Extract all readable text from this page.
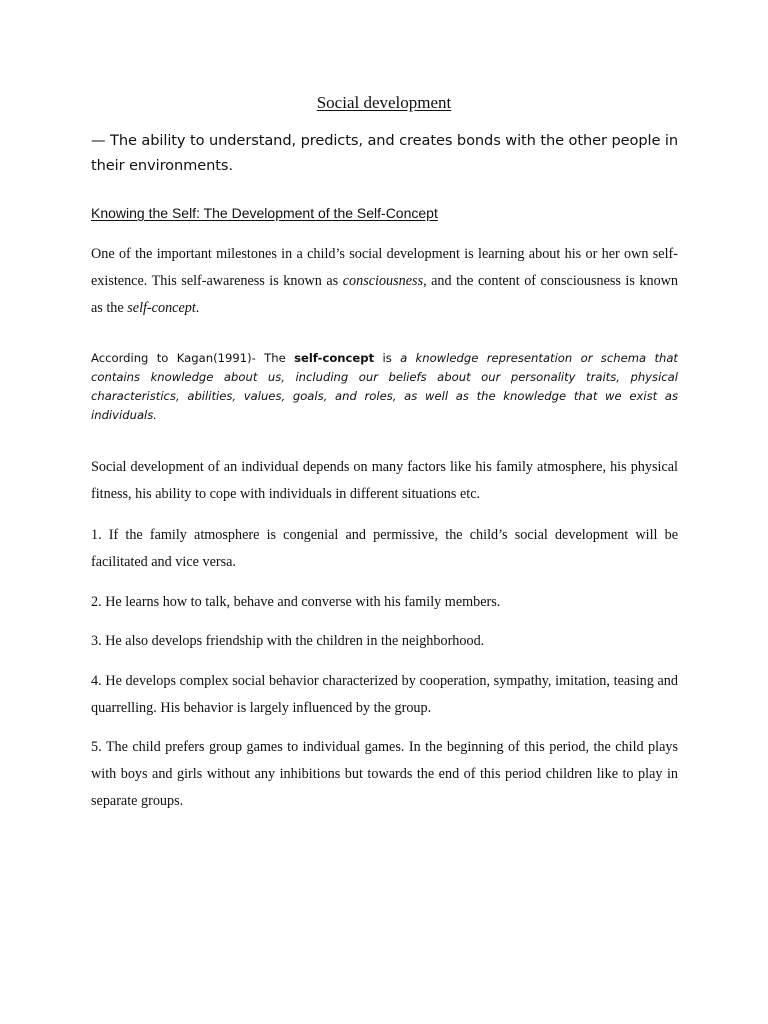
Social development
— The ability to understand, predicts, and creates bonds with the other people in their environments.
Knowing the Self: The Development of the Self-Concept
One of the important milestones in a child’s social development is learning about his or her own self-existence. This self-awareness is known as consciousness, and the content of consciousness is known as the self-concept.
According to Kagan(1991)- The self-concept is a knowledge representation or schema that contains knowledge about us, including our beliefs about our personality traits, physical characteristics, abilities, values, goals, and roles, as well as the knowledge that we exist as individuals.
Social development of an individual depends on many factors like his family atmosphere, his physical fitness, his ability to cope with individuals in different situations etc.
1. If the family atmosphere is congenial and permissive, the child’s social development will be facilitated and vice versa.
2. He learns how to talk, behave and converse with his family members.
3. He also develops friendship with the children in the neighborhood.
4. He develops complex social behavior characterized by cooperation, sympathy, imitation, teasing and quarrelling. His behavior is largely influenced by the group.
5. The child prefers group games to individual games. In the beginning of this period, the child plays with boys and girls without any inhibitions but towards the end of this period children like to play in separate groups.
